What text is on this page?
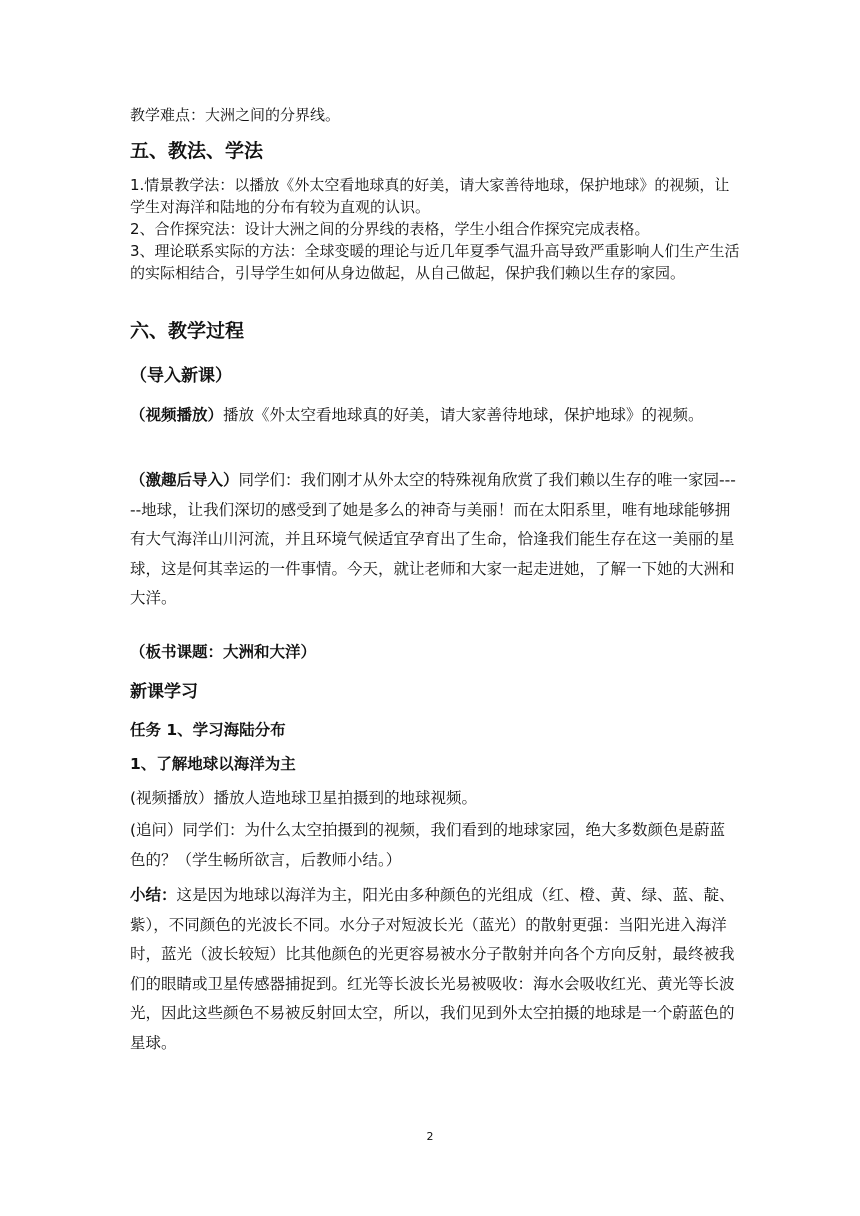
教学难点：大洲之间的分界线。

五、教法、学法

1.情景教学法：以播放《外太空看地球真的好美，请大家善待地球，保护地球》的视频，让学生对海洋和陆地的分布有较为直观的认识。

2、合作探究法：设计大洲之间的分界线的表格，学生小组合作探究完成表格。

3、理论联系实际的方法：全球变暖的理论与近几年夏季气温升高导致严重影响人们生产生活的实际相结合，引导学生如何从身边做起，从自己做起，保护我们赖以生存的家园。

六、教学过程

（导入新课）

（视频播放）播放《外太空看地球真的好美，请大家善待地球，保护地球》的视频。

（激趣后导入）同学们：我们刚才从外太空的特殊视角欣赏了我们赖以生存的唯一家园-----地球，让我们深切的感受到了她是多么的神奇与美丽！而在太阳系里，唯有地球能够拥有大气海洋山川河流，并且环境气候适宜孕育出了生命，恰逢我们能生存在这一美丽的星球，这是何其幸运的一件事情。今天，就让老师和大家一起走进她，了解一下她的大洲和大洋。

（板书课题：大洲和大洋）

新课学习

任务 1、学习海陆分布

1、了解地球以海洋为主

(视频播放）播放人造地球卫星拍摄到的地球视频。

(追问）同学们：为什么太空拍摄到的视频，我们看到的地球家园，绝大多数颜色是蔚蓝色的？（学生畅所欲言，后教师小结。）

小结：这是因为地球以海洋为主，阳光由多种颜色的光组成（红、橙、黄、绿、蓝、靛、紫），不同颜色的光波长不同。水分子对短波长光（蓝光）的散射更强：当阳光进入海洋时，蓝光（波长较短）比其他颜色的光更容易被水分子散射并向各个方向反射，最终被我们的眼睛或卫星传感器捕捉到。红光等长波长光易被吸收：海水会吸收红光、黄光等长波光，因此这些颜色不易被反射回太空，所以，我们见到外太空拍摄的地球是一个蔚蓝色的星球。

2
